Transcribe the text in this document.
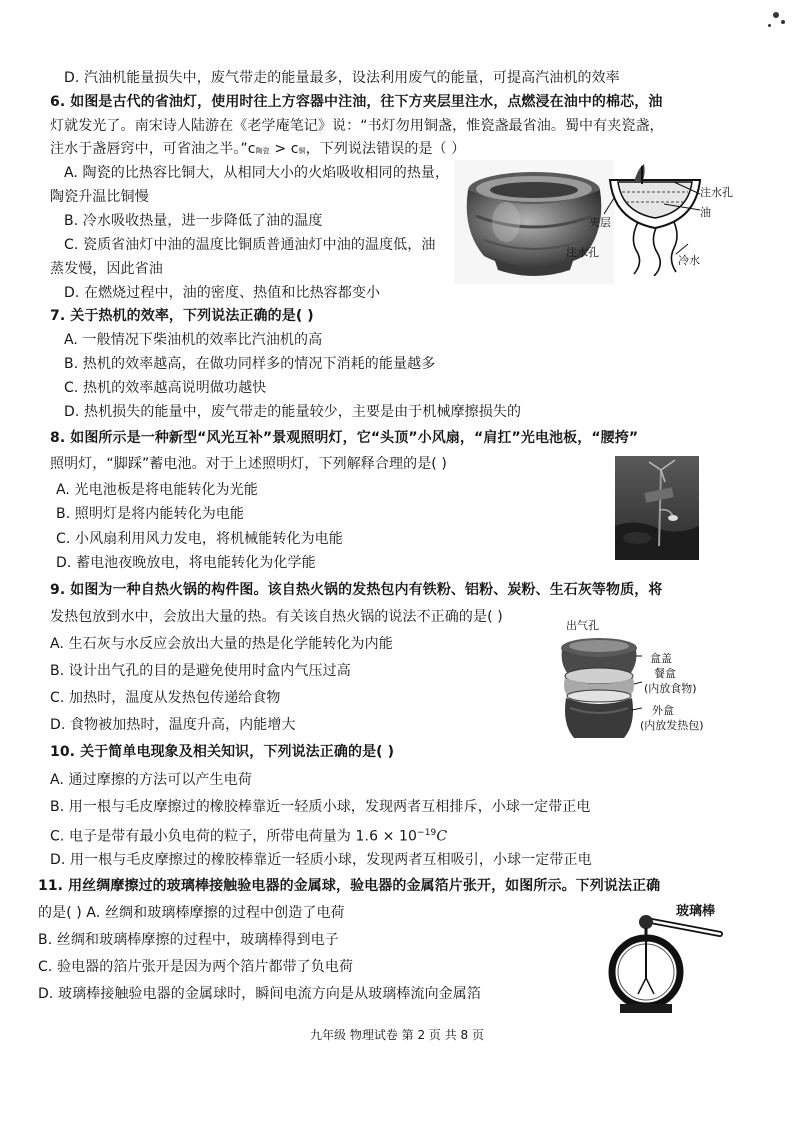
D. 汽油机能量损失中，废气带走的能量最多，设法利用废气的能量，可提高汽油机的效率
6. 如图是古代的省油灯，使用时往上方容器中注油，往下方夹层里注水，点燃浸在油中的棉芯，油
灯就发光了。南宋诗人陆游在《老学庵笔记》说：“书灯勿用铜盏，惟瓷盏最省油。蜀中有夹瓷盏，
注水于盏唇窍中，可省油之半。”c陶瓷 > c铜，下列说法错误的是（ ）
A. 陶瓷的比热容比铜大，从相同大小的火焰吸收相同的热量，
陶瓷升温比铜慢
B. 冷水吸收热量，进一步降低了油的温度
C. 瓷质省油灯中油的温度比铜质普通油灯中油的温度低，油
蒸发慢，因此省油
D. 在燃烧过程中，油的密度、热值和比热容都变小
注水孔
油
夹层
注水孔
冷水
7. 关于热机的效率，下列说法正确的是( )
A. 一般情况下柴油机的效率比汽油机的高
B. 热机的效率越高，在做功同样多的情况下消耗的能量越多
C. 热机的效率越高说明做功越快
D. 热机损失的能量中，废气带走的能量较少，主要是由于机械摩擦损失的
8. 如图所示是一种新型“风光互补”景观照明灯，它“头顶”小风扇，“肩扛”光电池板，“腰挎”
照明灯，“脚踩”蓄电池。对于上述照明灯，下列解释合理的是( )
A. 光电池板是将电能转化为光能
B. 照明灯是将内能转化为电能
C. 小风扇利用风力发电，将机械能转化为电能
D. 蓄电池夜晚放电，将电能转化为化学能
9. 如图为一种自热火锅的构件图。该自热火锅的发热包内有铁粉、铝粉、炭粉、生石灰等物质，将
发热包放到水中，会放出大量的热。有关该自热火锅的说法不正确的是( )
A. 生石灰与水反应会放出大量的热是化学能转化为内能
B. 设计出气孔的目的是避免使用时盒内气压过高
C. 加热时，温度从发热包传递给食物
D. 食物被加热时，温度升高，内能增大
出气孔
盒盖
餐盒
(内放食物)
外盒
(内放发热包)
10. 关于简单电现象及相关知识，下列说法正确的是( )
A. 通过摩擦的方法可以产生电荷
B. 用一根与毛皮摩擦过的橡胶棒靠近一轻质小球，发现两者互相排斥，小球一定带正电
C. 电子是带有最小负电荷的粒子，所带电荷量为 $1.6 \times 10^{-19}C$
D. 用一根与毛皮摩擦过的橡胶棒靠近一轻质小球，发现两者互相吸引，小球一定带正电
11. 用丝绸摩擦过的玻璃棒接触验电器的金属球，验电器的金属箔片张开，如图所示。下列说法正确
的是( ) A. 丝绸和玻璃棒摩擦的过程中创造了电荷
B. 丝绸和玻璃棒摩擦的过程中，玻璃棒得到电子
C. 验电器的箔片张开是因为两个箔片都带了负电荷
D. 玻璃棒接触验电器的金属球时，瞬间电流方向是从玻璃棒流向金属箔
玻璃棒
九年级 物理试卷 第 2 页 共 8 页
